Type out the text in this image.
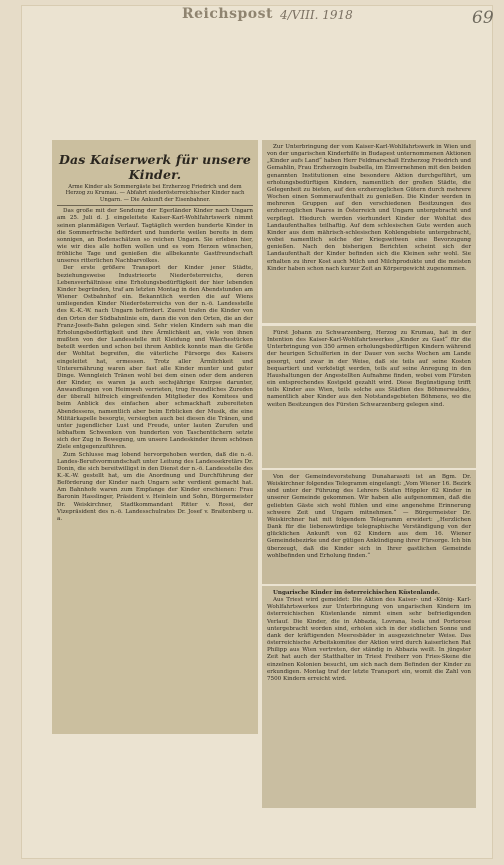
Reichspost 4/VIII. 1918	69
Das Kaiserwerk für unsere Kinder.
Arme Kinder als Sommergäste bei Erzherzog Friedrich und dem Herzog zu Krumau. — Abfahrt niederösterreichischer Kinder nach Ungarn. — Die Ankunft der Eisenbahner.

Das große mit der Sendung der Egerländer Kinder nach Ungarn am 25. Juli d. J. eingeleitete Kaiser-Karl-Wohlfahrtswerk nimmt seinen planmäßigen Verlauf. Tagtäglich werden hunderte Kinder in die Sommerfrische befördert und hunderte weilen bereits in dem sonnigen, an Bodenschätzen so reichen Ungarn. Sie erleben hier, wie wir dies alle hoffen wollen und es vom Herzen wünschen, fröhliche Tage und genießen die allbekannte Gastfreundschaft unseres ritterlichen Nachbarvolkes.

Der erste größere Transport der Kinder jener Städte, beziehungsweise Industrieorte Niederösterreichs, deren Lebensverhältnisse eine Erholungsbedürftigkeit der hier lebenden Kinder begründen, traf am letzten Montag in den Abendstunden am Wiener Ostbahnhof ein. Bekanntlich werden die auf Wiens umliegenden Kinder Niederösterreichs von der n.-ö. Landesstelle des K.-K.-W. nach Ungarn befördert. Zuerst trafen die Kinder von den Orten der Südbahnlinie ein, dann die von den Orten, die an der Franz-Josefs-Bahn gelegen sind. Sehr vielen Kindern sah man die Erholungsbedürftigkeit und ihre Ärmlichkeit an, viele von ihnen mußten von der Landesstelle mit Kleidung und Wäschestücken beteilt werden und schon bei ihrem Anblick konnte man die Größe der Wohltat begreifen, die väterliche Fürsorge des Kaisers eingeleitet hat, ermessen. Trotz aller Ärmlichkeit und Unterernährung waren aber fast alle Kinder munter und guter Dinge. Wenngleich Tränen wohl bei dem einen oder dem anderen der Kinder, es waren ja auch sechsjährige Knirpse darunter, Anwandlungen von Heimweh verrieten, trug freundliches Zureden der überall hilfreich eingreifenden Mitglieder des Komitees und beim Anblick des einfachen aber schmackhaft zubereiteten Abendessens, namentlich aber beim Erblicken der Musik, die eine Militärkapelle besorgte, versiegten auch bei diesen die Tränen, und unter jugendlicher Lust und Freude, unter lauten Zurufen und lebhaftem Schwenken von hunderten von Taschentüchern setzte sich der Zug in Bewegung, um unsere Landeskinder ihrem schönen Ziele entgegenzuführen.

Zum Schlusse mag lobend hervorgehoben werden, daß die n.-ö. Landes-Berufsvormundschaft unter Leitung des Landessekretärs Dr. Donin, die sich bereitwilligst in den Dienst der n.-ö. Landesstelle des K.-K.-W. gestellt hat, um die Anordnung und Durchführung der Beförderung der Kinder nach Ungarn sehr verdient gemacht hat. Am Bahnhofe waren zum Empfange der Kinder erschienen: Frau Baronin Hasslinger, Präsident v. Heinlein und Sohn, Bürgermeister Dr. Weiskirchner, Stadtkommandant Ritter v. Rossi, der Vizepräsident des n.-ö. Landesschulrates Dr. Josef v. Braitenberg u. a.

Zur Unterbringung der vom Kaiser-Karl-Wohlfahrtswerk in Wien und von der ungarischen Kinderhilfe in Budapest unternommenen Aktionen „Kinder aufs Land“ haben Herr Feldmarschall Erzherzog Friedrich und Gemahlin, Frau Erzherzogin Isabella, im Einvernehmen mit den beiden genannten Institutionen eine besondere Aktion durchgeführt, um erholungsbedürftigen Kindern, namentlich der großen Städte, die Gelegenheit zu bieten, auf den erzherzoglichen Gütern durch mehrere Wochen einen Sommeraufenthalt zu genießen. Die Kinder werden in mehreren Gruppen auf den verschiedenen Besitzungen des erzherzoglichen Paares in Österreich und Ungarn untergebracht und verpflegt. Hiedurch werden vierhundert Kinder der Wohltat des Landaufenthaltes teilhaftig. Auf dem schlesischen Gute werden auch Kinder aus dem mährisch-schlesischen Kohlengebiete untergebracht, wobei namentlich solche der Kriegswitwen eine Bevorzugung genießen. Nach den bisherigen Berichten scheint sich der Landaufenthalt der Kinder befinden sich die Kleinen sehr wohl. Sie erhalten zu ihrer Kost auch Milch und Milchprodukte und die meisten Kinder haben schon nach kurzer Zeit an Körpergewicht zugenommen.

Fürst Johann zu Schwarzenberg, Herzog zu Krumau, hat in der Intention des Kaiser-Karl-Wohlfahrtswerkes „Kinder zu Gast“ für die Unterbringung von 350 armen erholungsbedürftigen Kindern während der heurigen Schulferien in der Dauer von sechs Wochen am Lande gesorgt, und zwar in der Weise, daß sie teils auf seine Kosten bequartiert und verköstigt werden, teils auf seine Anregung in den Haushaltungen der Angestellten Aufnahme finden, wobei vom Fürsten ein entsprechendes Kostgeld gezahlt wird. Diese Begünstigung trifft teils Kinder aus Wien, teils solche aus Städten des Böhmerwaldes, namentlich aber Kinder aus den Notstandsgebieten Böhmens, wo die weiten Besitzungen des Fürsten Schwarzenberg gelegen sind.

Von der Gemeindevorstehung Dunaharaszti ist an Bgm. Dr. Weiskirchner folgendes Telegramm eingelangt: „Vom Wiener 16. Bezirk sind unter der Führung des Lehrers Stefan Höppler 62 Kinder in unserer Gemeinde gekommen. Wir haben alle aufgenommen, daß die geliebten Gäste sich wohl fühlen und eine angenehme Erinnerung schwere Zeit und Ungarn mitnehmen.“ — Bürgermeister Dr. Weiskirchner hat mit folgendem Telegramm erwidert: „Herzlichen Dank für die liebenswürdige telegraphische Verständigung von der glücklichen Ankunft von 62 Kindern aus dem 16. Wiener Gemeindebezirke und der gütigen Ankündigung ihrer Fürsorge. Ich bin überzeugt, daß die Kinder sich in Ihrer gastlichen Gemeinde wohlbefinden und Erholung finden.“

Ungarische Kinder im österreichischen Küstenlande.

Aus Triest wird gemeldet: Die Aktion des Kaiser- und -König- Karl- Wohlfahrtswerkes zur Unterbringung von ungarischen Kindern im österreichischen Küstenlande nimmt einen sehr befriedigenden Verlauf. Die Kinder, die in Abbazia, Lovrana, Isola und Portorose untergebracht worden sind, erholen sich in der südlichen Sonne und dank der kräftigenden Meeresbäder in ausgezeichneter Weise. Das österreichische Arbeitskomitee der Aktion wird durch kaiserlichen Rat Philipp aus Wien vertreten, der ständig in Abbazia weilt. In jüngster Zeit hat auch der Statthalter in Triest Freiherr von Fries-Skene die einzelnen Kolonien besucht, um sich nach dem Befinden der Kinder zu erkundigen. Montag traf der letzte Transport ein, womit die Zahl von 7500 Kindern erreicht wird.
